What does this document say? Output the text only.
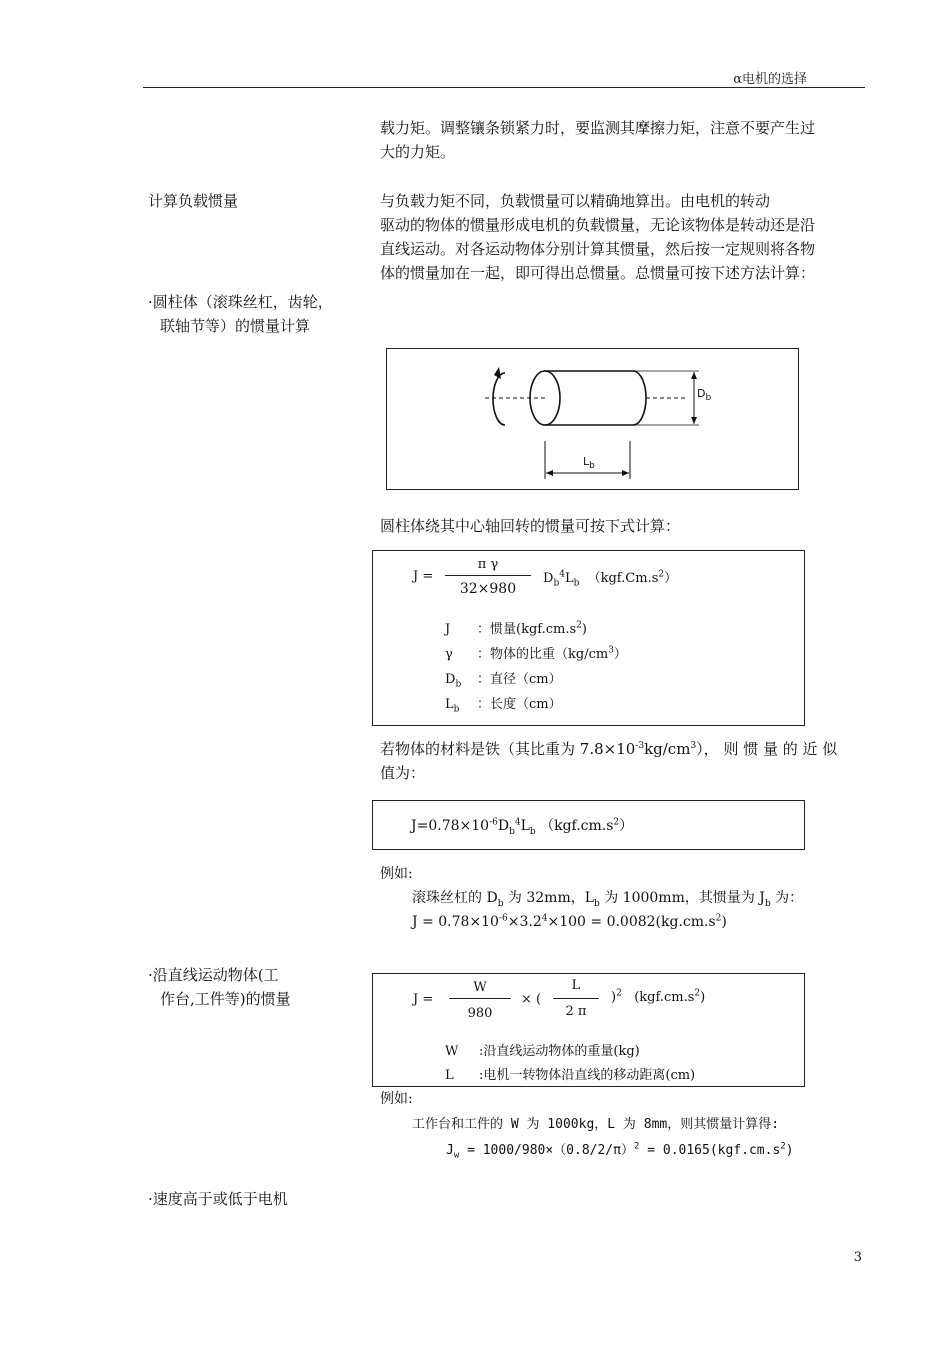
α电机的选择
载力矩。调整镶条锁紧力时，要监测其摩擦力矩，注意不要产生过
大的力矩。
计算负载惯量	与负载力矩不同，负载惯量可以精确地算出。由电机的转动
驱动的物体的惯量形成电机的负载惯量，无论该物体是转动还是沿
直线运动。对各运动物体分别计算其惯量，然后按一定规则将各物
体的惯量加在一起，即可得出总惯量。总惯量可按下述方法计算：
·圆柱体（滚珠丝杠，齿轮，
联轴节等）的惯量计算
$D_b$
$L_b$
圆柱体绕其中心轴回转的惯量可按下式计算：
J =
π γ
32×980
$D_b^4L_b$ $(kgf.Cm.s^2)$
J ：惯量$(kgf.cm.s^2)$
γ ：物体的比重$(kg/cm^3)$
$D_b$ ：直径（cm）
$L_b$ ：长度（cm）
若物体的材料是铁（其比重为 $7.8\times 10^{-3}kg/cm^3$）， 则 惯 量 的 近 似
值为：
$J=0.78\times 10^{-6}D_b^4L_b$ $(kgf.cm.s^2)$
例如:
滚珠丝杠的 $D_b$ 为 32mm，$L_b$ 为 1000mm，其惯量为 $J_b$ 为：
$J = 0.78\times 10^{-6}\times 3.2^4\times 100 = 0.0082(kg.cm.s^2)$
·沿直线运动物体(工
作台,工件等)的惯量	J =
W
980
× (
L
2 π
)$^2$ $(kgf.cm.s^2)$
W :沿直线运动物体的重量(kg)
L :电机一转物体沿直线的移动距离(cm)
例如:
工作台和工件的 W 为 1000kg，L 为 8mm，则其惯量计算得:
$J_w = 1000/980\times(0.8/2/\pi)^2 = 0.0165(kgf.cm.s^2)$
·速度高于或低于电机
3
